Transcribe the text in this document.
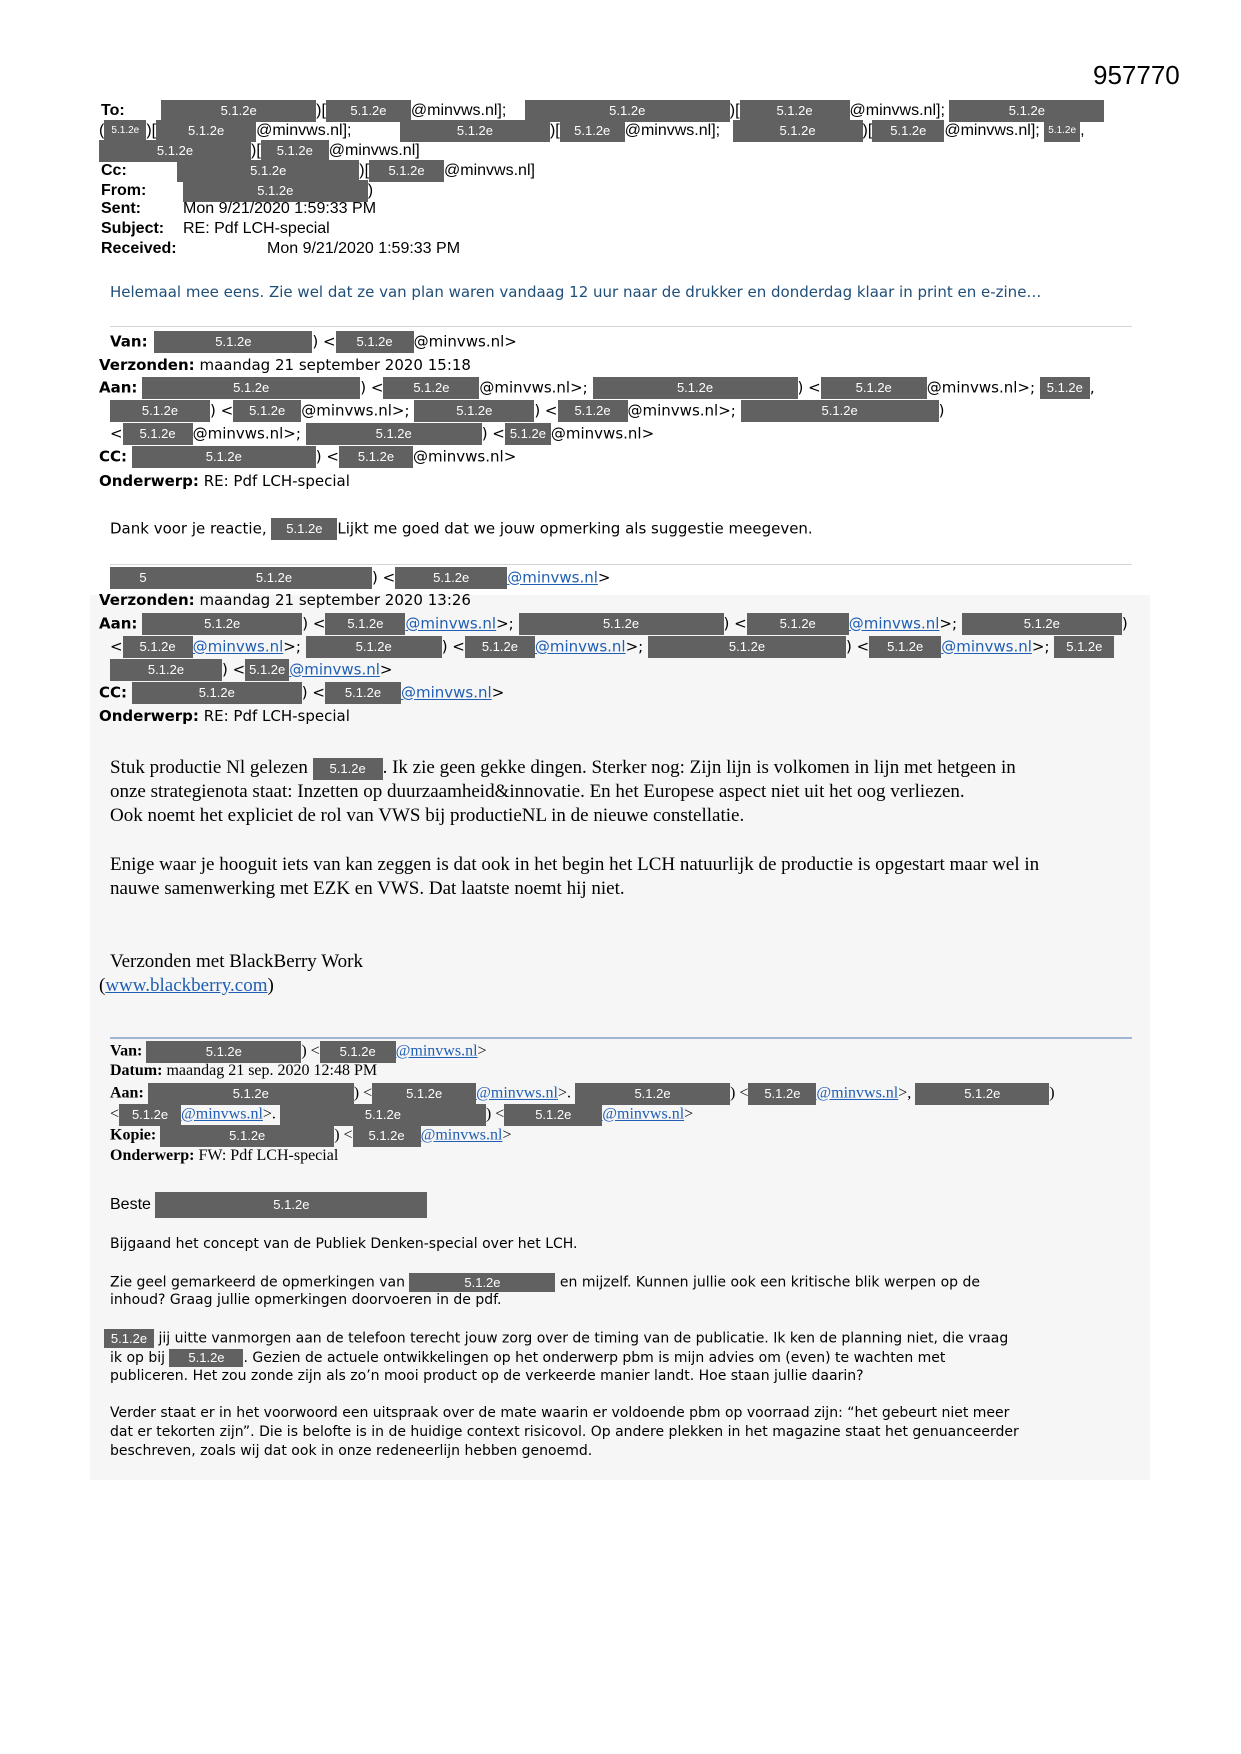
957770
To:	5.1.2e	)[ 5.1.2e @minvws.nl];	5.1.2e	)[	5.1.2e @minvws.nl];	5.1.2e
( 5.1.2e )[ 5.1.2e @minvws.nl];	5.1.2e	)[ 5.1.2e @minvws.nl];	5.1.2e	)[ 5.1.2e @minvws.nl]; 5.1.2e ,
5.1.2e	)[ 5.1.2e @minvws.nl]
Cc:	5.1.2e	)[ 5.1.2e @minvws.nl]
From:	5.1.2e	)
Sent:	Mon 9/21/2020 1:59:33 PM
Subject: RE: Pdf LCH-special
Received:	Mon 9/21/2020 1:59:33 PM
Helemaal mee eens. Zie wel dat ze van plan waren vandaag 12 uur naar de drukker en donderdag klaar in print en e-zine…
Van:	5.1.2e	) < 5.1.2e @minvws.nl>
Verzonden: maandag 21 september 2020 15:18
Aan:	5.1.2e	) < 5.1.2e @minvws.nl>;	5.1.2e	) <	5.1.2e @minvws.nl>; 5.1.2e ,
5.1.2e ) < 5.1.2e @minvws.nl>;	5.1.2e	) < 5.1.2e @minvws.nl>;	5.1.2e	)
< 5.1.2e @minvws.nl>;	5.1.2e	) < 5.1.2e @minvws.nl>
CC:	5.1.2e	) < 5.1.2e @minvws.nl>
Onderwerp: RE: Pdf LCH-special
Dank voor je reactie, 5.1.2e Lijkt me goed dat we jouw opmerking als suggestie meegeven.
5	5.1.2e	) <	5.1.2e	@minvws.nl>
Verzonden: maandag 21 september 2020 13:26
Aan:	5.1.2e	) < 5.1.2e @minvws.nl>;	5.1.2e	) <	5.1.2e @minvws.nl>;	5.1.2e	)
< 5.1.2e @minvws.nl>;	5.1.2e	) < 5.1.2e @minvws.nl>;	5.1.2e	) < 5.1.2e @minvws.nl>; 5.1.2e
5.1.2e	) < 5.1.2e @minvws.nl>
CC:	5.1.2e	) < 5.1.2e @minvws.nl>
Onderwerp: RE: Pdf LCH-special
Stuk productie Nl gelezen 5.1.2e . Ik zie geen gekke dingen. Sterker nog: Zijn lijn is volkomen in lijn met hetgeen in
onze strategienota staat: Inzetten op duurzaamheid&innovatie. En het Europese aspect niet uit het oog verliezen.
Ook noemt het expliciet de rol van VWS bij productieNL in de nieuwe constellatie.
Enige waar je hooguit iets van kan zeggen is dat ook in het begin het LCH natuurlijk de productie is opgestart maar wel in
nauwe samenwerking met EZK en VWS. Dat laatste noemt hij niet.
Verzonden met BlackBerry Work
(www.blackberry.com)
Van:	5.1.2e	) < 5.1.2e @minvws.nl>
Datum: maandag 21 sep. 2020 12:48 PM
Aan:	5.1.2e	) <	5.1.2e @minvws.nl>.	5.1.2e	) < 5.1.2e @minvws.nl>,	5.1.2e	)
< 5.1.2e @minvws.nl>.	5.1.2e	) < 5.1.2e @minvws.nl>
Kopie:	5.1.2e	) < 5.1.2e @minvws.nl>
Onderwerp: FW: Pdf LCH-special
Beste	5.1.2e
Bijgaand het concept van de Publiek Denken-special over het LCH.
Zie geel gemarkeerd de opmerkingen van	5.1.2e	en mijzelf. Kunnen jullie ook een kritische blik werpen op de
inhoud? Graag jullie opmerkingen doorvoeren in de pdf.
5.1.2e jij uitte vanmorgen aan de telefoon terecht jouw zorg over de timing van de publicatie. Ik ken de planning niet, die vraag
ik op bij 5.1.2e . Gezien de actuele ontwikkelingen op het onderwerp pbm is mijn advies om (even) te wachten met
publiceren. Het zou zonde zijn als zo’n mooi product op de verkeerde manier landt. Hoe staan jullie daarin?
Verder staat er in het voorwoord een uitspraak over de mate waarin er voldoende pbm op voorraad zijn: “het gebeurt niet meer
dat er tekorten zijn”. Die is belofte is in de huidige context risicovol. Op andere plekken in het magazine staat het genuanceerder
beschreven, zoals wij dat ook in onze redeneerlijn hebben genoemd.
